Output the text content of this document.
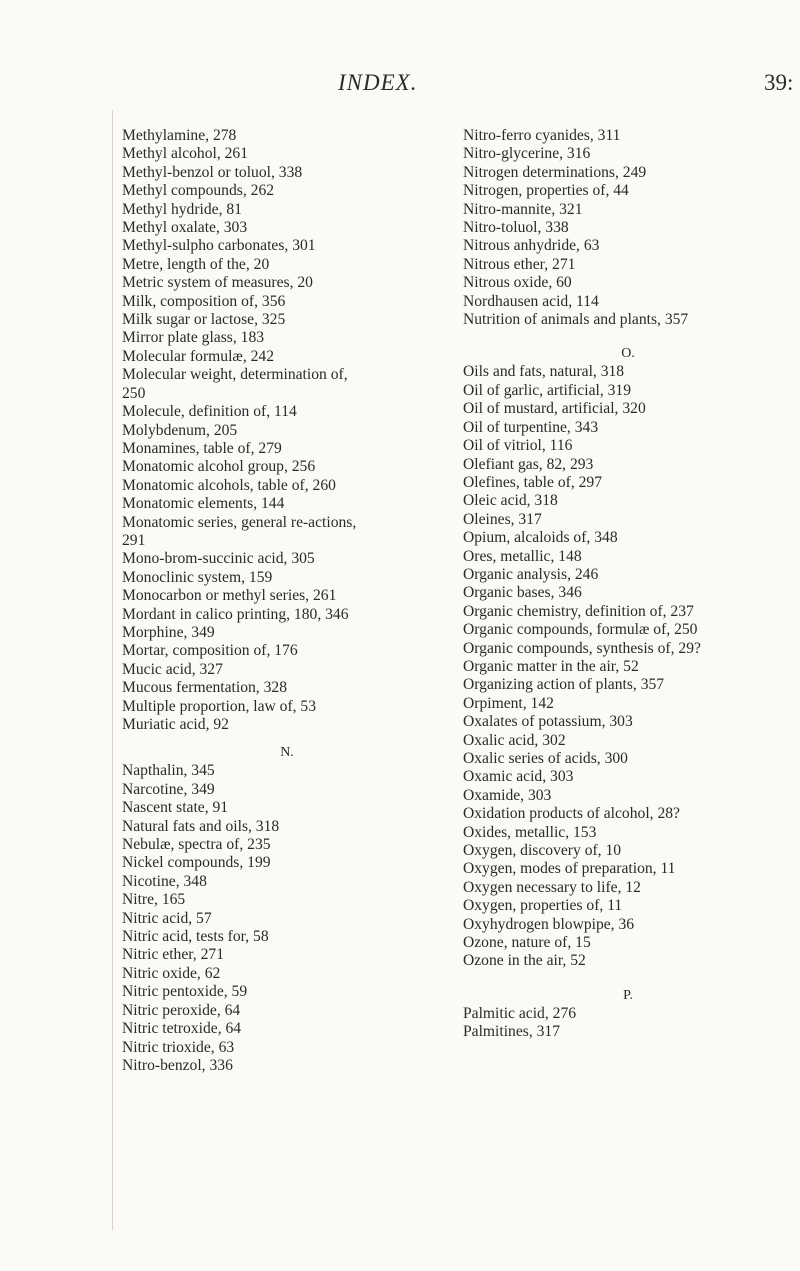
INDEX.	39:
Methylamine, 278
Methyl alcohol, 261
Methyl-benzol or toluol, 338
Methyl compounds, 262
Methyl hydride, 81
Methyl oxalate, 303
Methyl-sulpho carbonates, 301
Metre, length of the, 20
Metric system of measures, 20
Milk, composition of, 356
Milk sugar or lactose, 325
Mirror plate glass, 183
Molecular formulæ, 242
Molecular weight, determination of,
250
Molecule, definition of, 114
Molybdenum, 205
Monamines, table of, 279
Monatomic alcohol group, 256
Monatomic alcohols, table of, 260
Monatomic elements, 144
Monatomic series, general re-actions,
291
Mono-brom-succinic acid, 305
Monoclinic system, 159
Monocarbon or methyl series, 261
Mordant in calico printing, 180, 346
Morphine, 349
Mortar, composition of, 176
Mucic acid, 327
Mucous fermentation, 328
Multiple proportion, law of, 53
Muriatic acid, 92
N.
Napthalin, 345
Narcotine, 349
Nascent state, 91
Natural fats and oils, 318
Nebulæ, spectra of, 235
Nickel compounds, 199
Nicotine, 348
Nitre, 165
Nitric acid, 57
Nitric acid, tests for, 58
Nitric ether, 271
Nitric oxide, 62
Nitric pentoxide, 59
Nitric peroxide, 64
Nitric tetroxide, 64
Nitric trioxide, 63
Nitro-benzol, 336
Nitro-ferro cyanides, 311
Nitro-glycerine, 316
Nitrogen determinations, 249
Nitrogen, properties of, 44
Nitro-mannite, 321
Nitro-toluol, 338
Nitrous anhydride, 63
Nitrous ether, 271
Nitrous oxide, 60
Nordhausen acid, 114
Nutrition of animals and plants, 357
O.
Oils and fats, natural, 318
Oil of garlic, artificial, 319
Oil of mustard, artificial, 320
Oil of turpentine, 343
Oil of vitriol, 116
Olefiant gas, 82, 293
Olefines, table of, 297
Oleic acid, 318
Oleines, 317
Opium, alcaloids of, 348
Ores, metallic, 148
Organic analysis, 246
Organic bases, 346
Organic chemistry, definition of, 237
Organic compounds, formulæ of, 250
Organic compounds, synthesis of, 29?
Organic matter in the air, 52
Organizing action of plants, 357
Orpiment, 142
Oxalates of potassium, 303
Oxalic acid, 302
Oxalic series of acids, 300
Oxamic acid, 303
Oxamide, 303
Oxidation products of alcohol, 28?
Oxides, metallic, 153
Oxygen, discovery of, 10
Oxygen, modes of preparation, 11
Oxygen necessary to life, 12
Oxygen, properties of, 11
Oxyhydrogen blowpipe, 36
Ozone, nature of, 15
Ozone in the air, 52
P.
Palmitic acid, 276
Palmitines, 317
